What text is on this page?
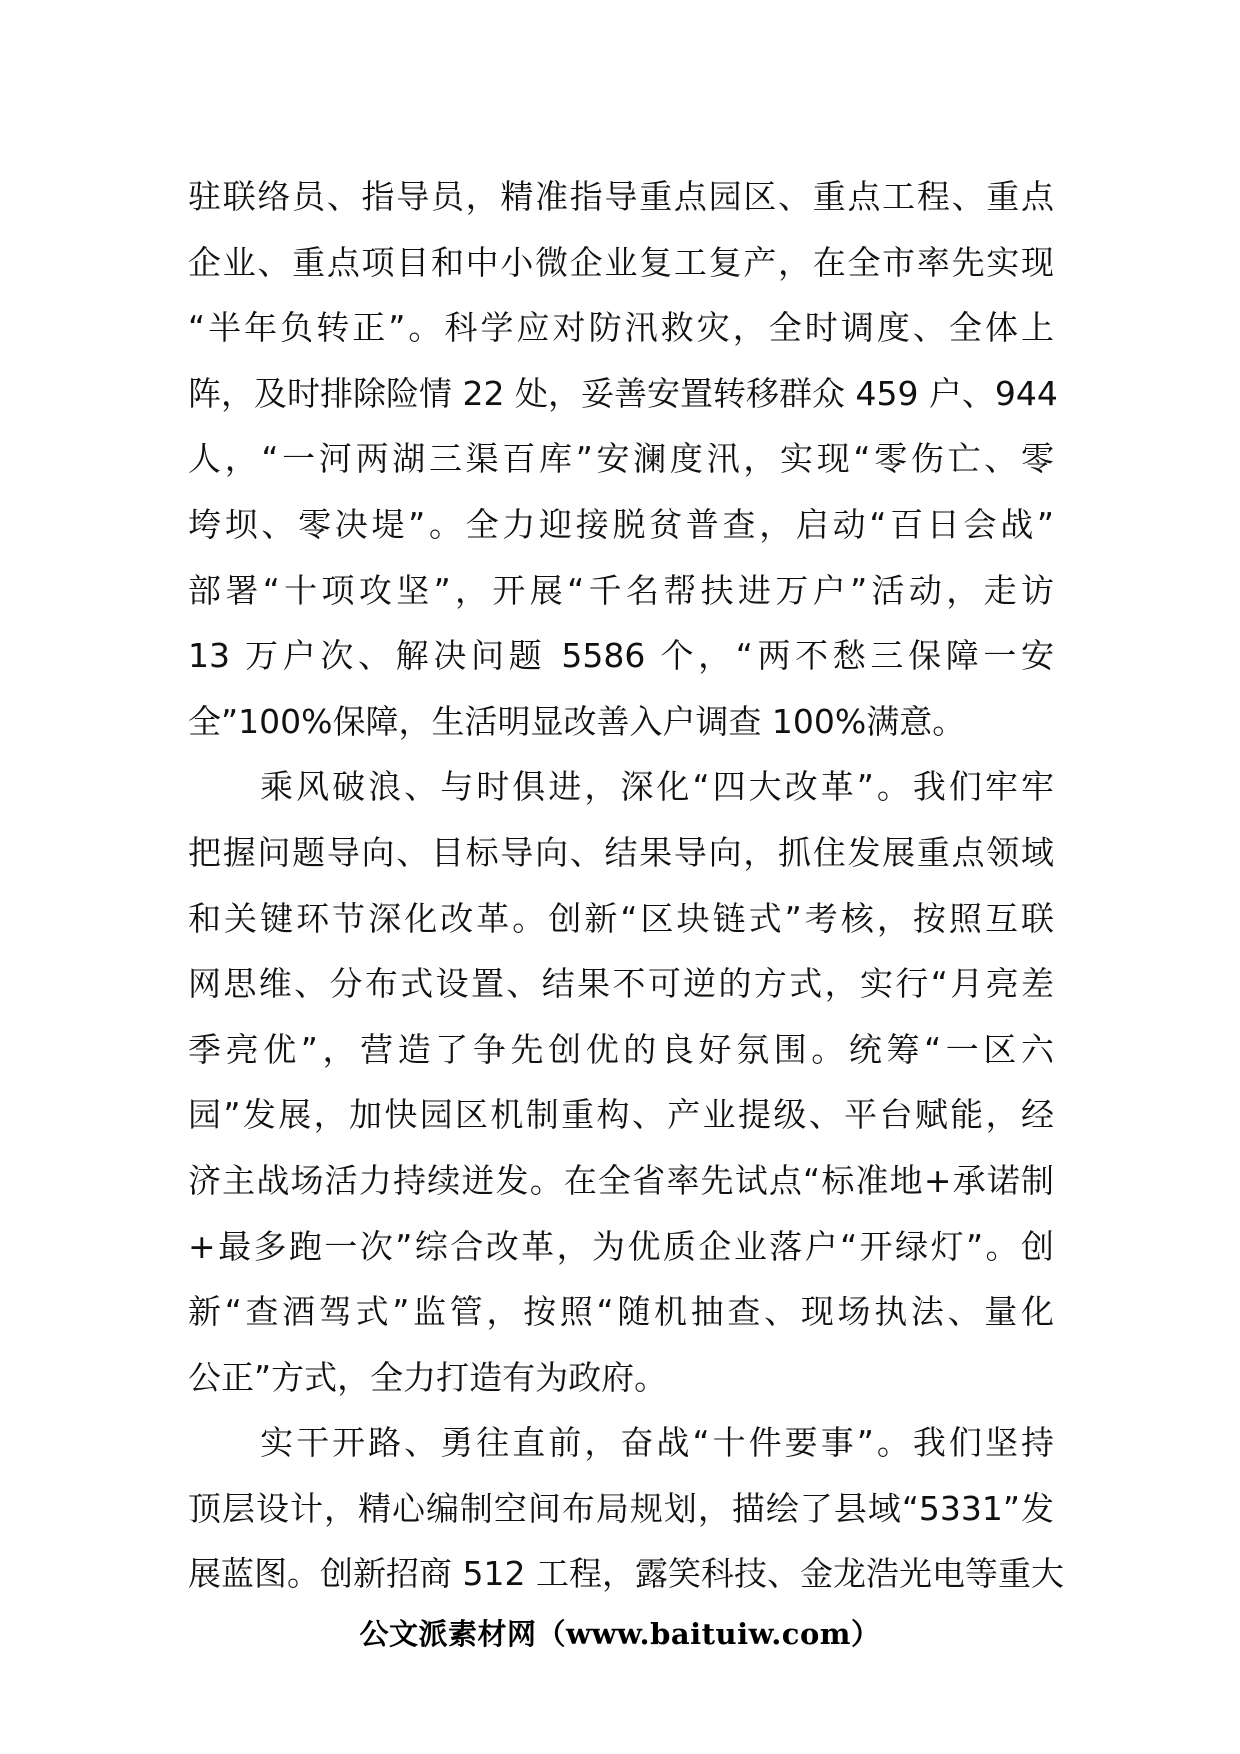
驻联络员、指导员，精准指导重点园区、重点工程、重点
企业、重点项目和中小微企业复工复产，在全市率先实现
“半年负转正”。科学应对防汛救灾，全时调度、全体上
阵，及时排除险情 22 处，妥善安置转移群众 459 户、944
人，“一河两湖三渠百库”安澜度汛，实现“零伤亡、零
垮坝、零决堤”。全力迎接脱贫普查，启动“百日会战”
部署“十项攻坚”，开展“千名帮扶进万户”活动，走访
13 万户次、解决问题 5586 个，“两不愁三保障一安
全”100%保障，生活明显改善入户调查 100%满意。
　　乘风破浪、与时俱进，深化“四大改革”。我们牢牢
把握问题导向、目标导向、结果导向，抓住发展重点领域
和关键环节深化改革。创新“区块链式”考核，按照互联
网思维、分布式设置、结果不可逆的方式，实行“月亮差
季亮优”，营造了争先创优的良好氛围。统筹“一区六
园”发展，加快园区机制重构、产业提级、平台赋能，经
济主战场活力持续迸发。在全省率先试点“标准地+承诺制
+最多跑一次”综合改革，为优质企业落户“开绿灯”。创
新“查酒驾式”监管，按照“随机抽查、现场执法、量化
公正”方式，全力打造有为政府。
　　实干开路、勇往直前，奋战“十件要事”。我们坚持
顶层设计，精心编制空间布局规划，描绘了县域“5331”发
展蓝图。创新招商 512 工程，露笑科技、金龙浩光电等重大
公文派素材网（www.baituiw.com）
